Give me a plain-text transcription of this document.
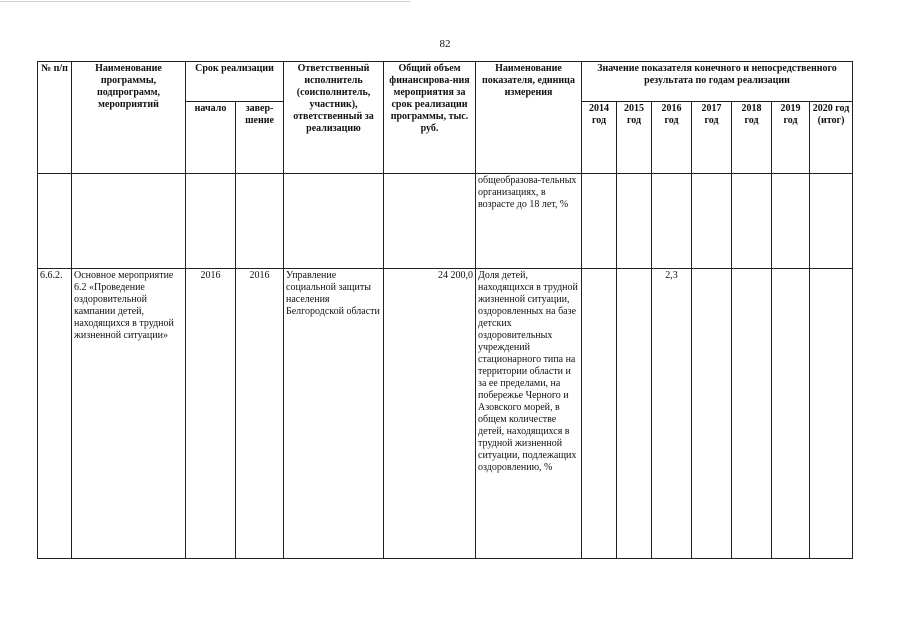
82
№ п/п	Наименование программы, подпрограмм, мероприятий	Срок реализации		Ответственный исполнитель (соисполнитель, участник), ответственный за реализацию	Общий объем финансирова-ния мероприятия за срок реализации программы, тыс. руб.	Наименование показателя, единица измерения	Значение показателя конечного и непосредственного результата по годам реализации						
		начало	завер-шение				2014 год	2015 год	2016 год	2017 год	2018 год	2019 год	2020 год (итог)
						общеобразова-тельных организациях, в возрасте до 18 лет, %							
6.6.2.	Основное мероприятие 6.2 «Проведение оздоровительной кампании детей, находящихся в трудной жизненной ситуации»	2016	2016	Управление социальной защиты населения Белгородской области	24 200,0	Доля детей, находящихся в трудной жизненной ситуации, оздоровленных на базе детских оздоровительных учреждений стационарного типа на территории области и за ее пределами, на побережье Черного и Азовского морей, в общем количестве детей, находящихся в трудной жизненной ситуации, подлежащих оздоровлению, %			2,3				
